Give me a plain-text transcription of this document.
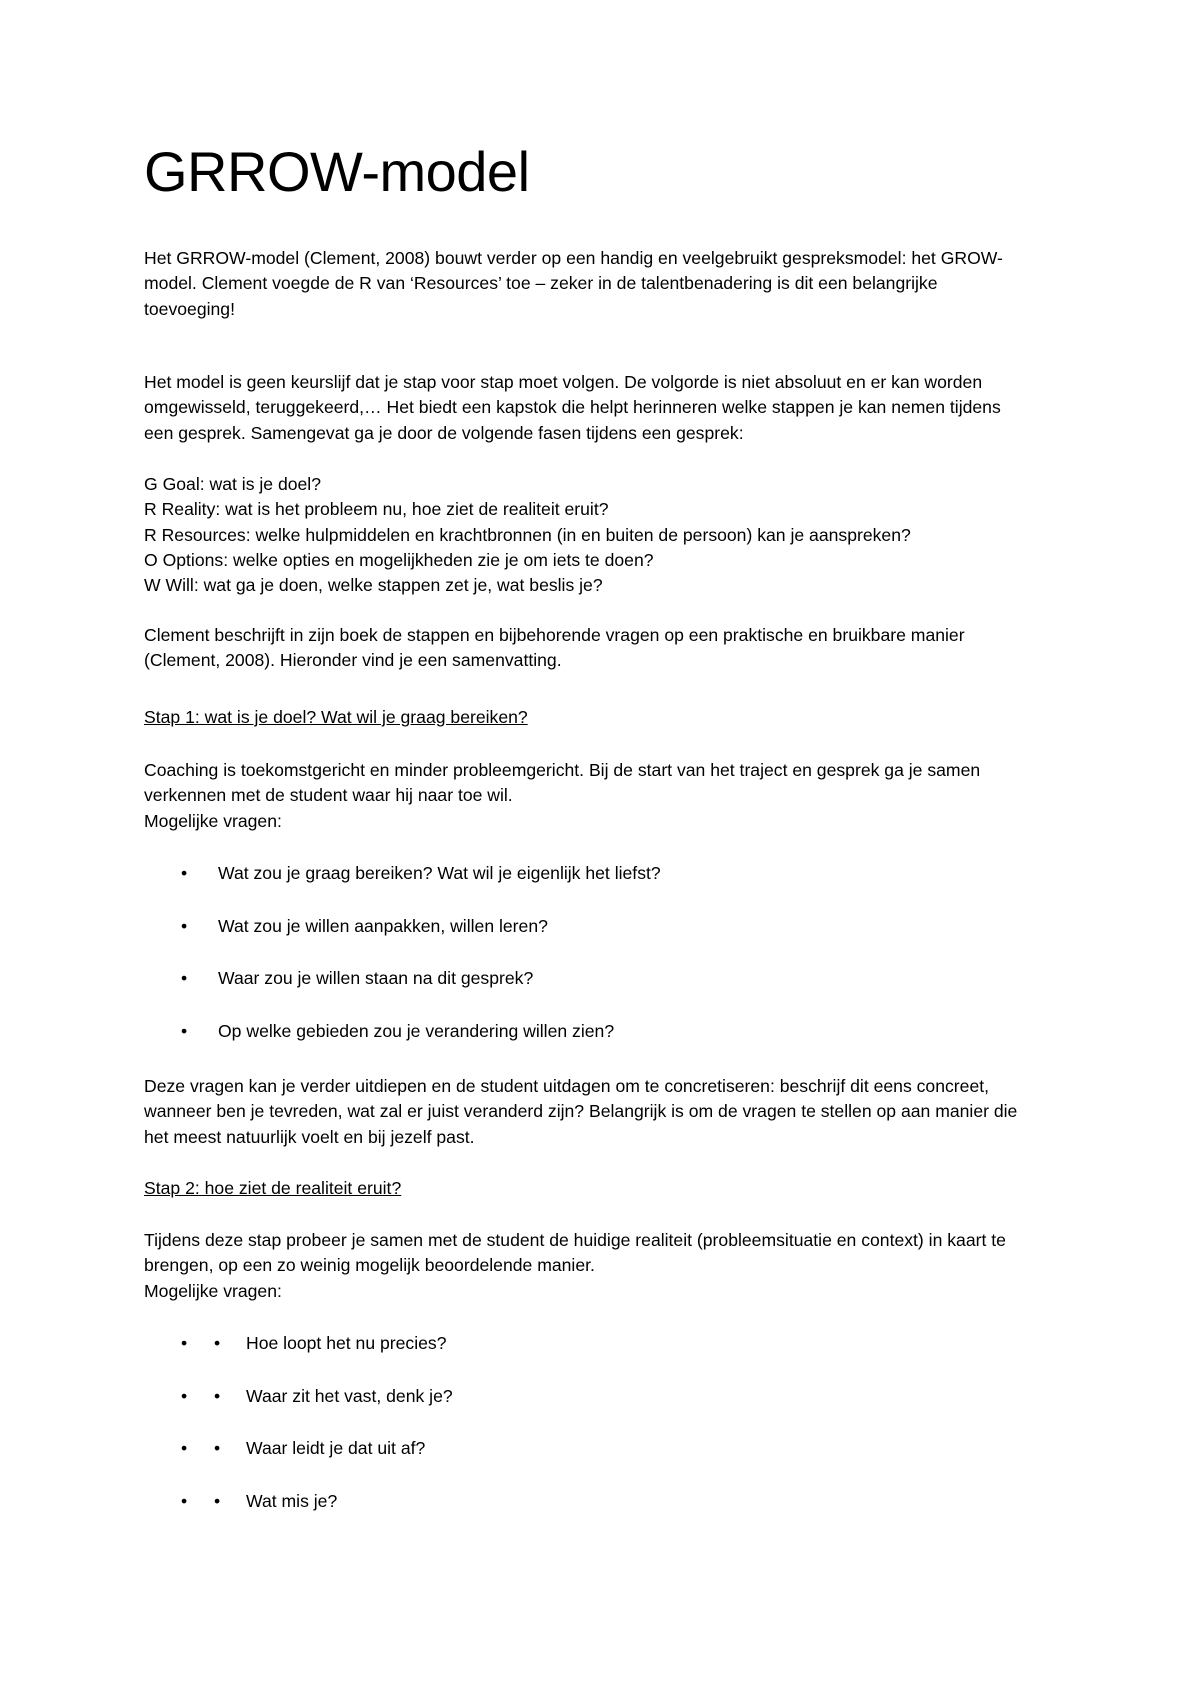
GRROW-model

Het GRROW-model (Clement, 2008) bouwt verder op een handig en veelgebruikt gespreksmodel: het GROW-
model. Clement voegde de R van ‘Resources’ toe – zeker in de talentbenadering is dit een belangrijke
toevoeging!

Het model is geen keurslijf dat je stap voor stap moet volgen. De volgorde is niet absoluut en er kan worden
omgewisseld, teruggekeerd,… Het biedt een kapstok die helpt herinneren welke stappen je kan nemen tijdens
een gesprek. Samengevat ga je door de volgende fasen tijdens een gesprek:

G Goal: wat is je doel?
R Reality: wat is het probleem nu, hoe ziet de realiteit eruit?
R Resources: welke hulpmiddelen en krachtbronnen (in en buiten de persoon) kan je aanspreken?
O Options: welke opties en mogelijkheden zie je om iets te doen?
W Will: wat ga je doen, welke stappen zet je, wat beslis je?

Clement beschrijft in zijn boek de stappen en bijbehorende vragen op een praktische en bruikbare manier
(Clement, 2008). Hieronder vind je een samenvatting.

Stap 1: wat is je doel? Wat wil je graag bereiken?

Coaching is toekomstgericht en minder probleemgericht. Bij de start van het traject en gesprek ga je samen
verkennen met de student waar hij naar toe wil.
Mogelijke vragen:

• Wat zou je graag bereiken? Wat wil je eigenlijk het liefst?
• Wat zou je willen aanpakken, willen leren?
• Waar zou je willen staan na dit gesprek?
• Op welke gebieden zou je verandering willen zien?

Deze vragen kan je verder uitdiepen en de student uitdagen om te concretiseren: beschrijf dit eens concreet,
wanneer ben je tevreden, wat zal er juist veranderd zijn? Belangrijk is om de vragen te stellen op aan manier die
het meest natuurlijk voelt en bij jezelf past.

Stap 2: hoe ziet de realiteit eruit?

Tijdens deze stap probeer je samen met de student de huidige realiteit (probleemsituatie en context) in kaart te
brengen, op een zo weinig mogelijk beoordelende manier.
Mogelijke vragen:

• • Hoe loopt het nu precies?
• • Waar zit het vast, denk je?
• • Waar leidt je dat uit af?
• • Wat mis je?
